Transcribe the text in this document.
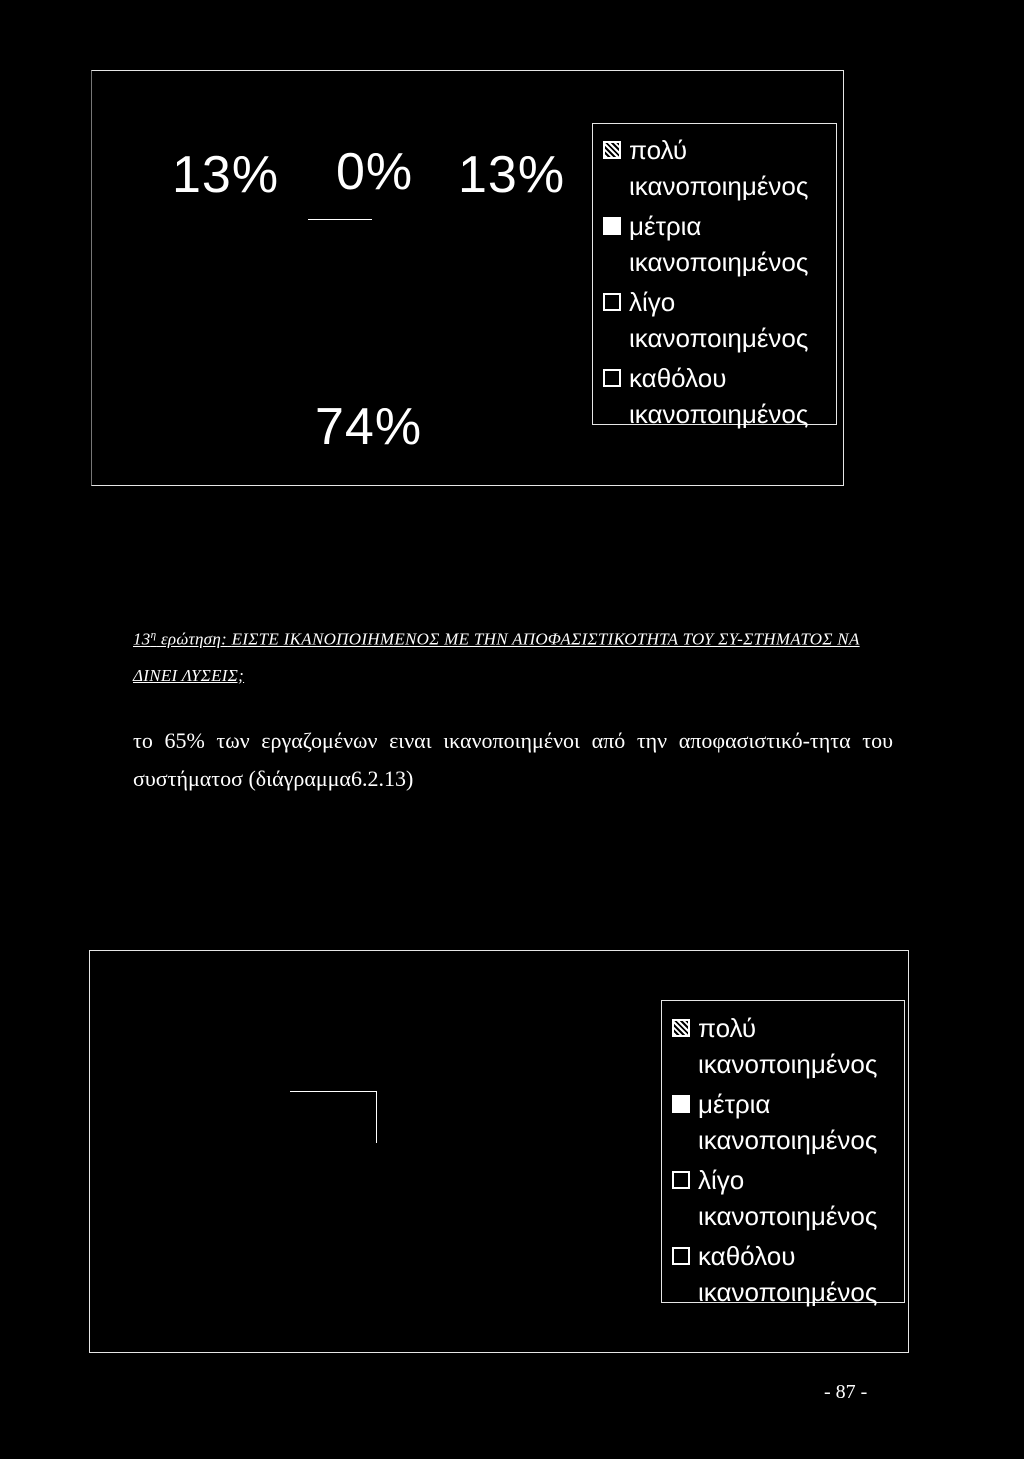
13% 0% 13%
74%
πολύ
ικανοποιημένος
μέτρια
ικανοποιημένος
λίγο
ικανοποιημένος
καθόλου
ικανοποιημένος
$13^\eta$ ερώτηση: ΕΙΣΤΕ ΙΚΑΝΟΠΟΙΗΜΕΝΟΣ ΜΕ ΤΗΝ ΑΠΟΦΑΣΙΣΤΙΚΟΤΗΤΑ ΤΟΥ ΣΥ-ΣΤΗΜΑΤΟΣ ΝΑ ΔΙΝΕΙ ΛΥΣΕΙΣ;
το 65% των εργαζομένων ειναι ικανοποιημένοι από την αποφασιστικό-τητα του συστήματοσ (διάγραμμα6.2.13)
πολύ
ικανοποιημένος
μέτρια
ικανοποιημένος
λίγο
ικανοποιημένος
καθόλου
ικανοποιημένος
- 87 -
